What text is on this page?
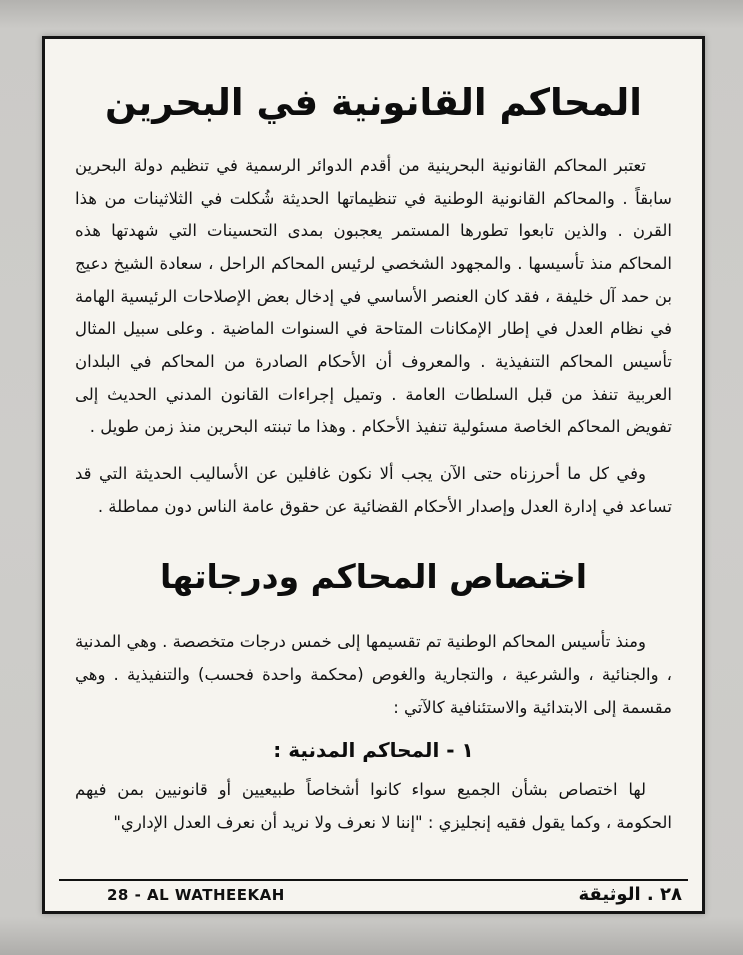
المحاكم القانونية في البحرين

تعتبر المحاكم القانونية البحرينية من أقدم الدوائر الرسمية في تنظيم دولة البحرين سابقاً . والمحاكم القانونية الوطنية في تنظيماتها الحديثة شُكلت في الثلاثينات من هذا القرن . والذين تابعوا تطورها المستمر يعجبون بمدى التحسينات التي شهدتها هذه المحاكم منذ تأسيسها . والمجهود الشخصي لرئيس المحاكم الراحل ، سعادة الشيخ دعيج بن حمد آل خليفة ، فقد كان العنصر الأساسي في إدخال بعض الإصلاحات الرئيسية الهامة في نظام العدل في إطار الإمكانات المتاحة في السنوات الماضية . وعلى سبيل المثال تأسيس المحاكم التنفيذية . والمعروف أن الأحكام الصادرة من المحاكم في البلدان العربية تنفذ من قبل السلطات العامة . وتميل إجراءات القانون المدني الحديث إلى تفويض المحاكم الخاصة مسئولية تنفيذ الأحكام . وهذا ما تبنته البحرين منذ زمن طويل .

وفي كل ما أحرزناه حتى الآن يجب ألا نكون غافلين عن الأساليب الحديثة التي قد تساعد في إدارة العدل وإصدار الأحكام القضائية عن حقوق عامة الناس دون مماطلة .

اختصاص المحاكم ودرجاتها

ومنذ تأسيس المحاكم الوطنية تم تقسيمها إلى خمس درجات متخصصة . وهي المدنية ، والجنائية ، والشرعية ، والتجارية والغوص (محكمة واحدة فحسب) والتنفيذية . وهي مقسمة إلى الابتدائية والاستئنافية كالآتي :

١ - المحاكم المدنية :

لها اختصاص بشأن الجميع سواء كانوا أشخاصاً طبيعيين أو قانونيين بمن فيهم الحكومة ، وكما يقول فقيه إنجليزي : "إننا لا نعرف ولا نريد أن نعرف العدل الإداري"

28 - AL WATHEEKAH	٢٨ . الوثيقة
